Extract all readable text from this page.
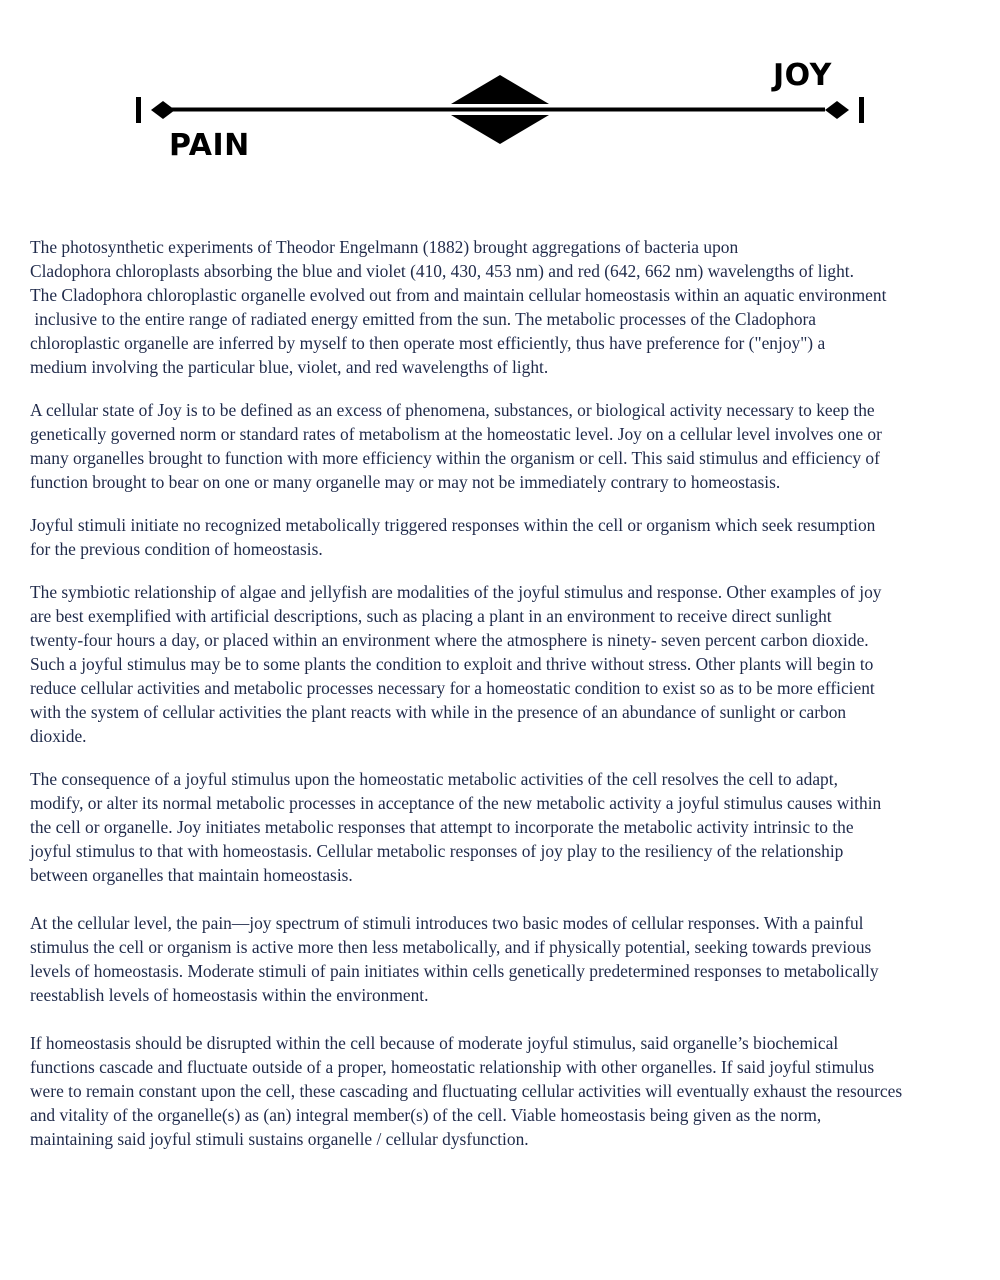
PAIN
JOY

The photosynthetic experiments of Theodor Engelmann (1882) brought aggregations of bacteria upon
Cladophora chloroplasts absorbing the blue and violet (410, 430, 453 nm) and red (642, 662 nm) wavelengths of light.
The Cladophora chloroplastic organelle evolved out from and maintain cellular homeostasis within an aquatic environment
inclusive to the entire range of radiated energy emitted from the sun. The metabolic processes of the Cladophora
chloroplastic organelle are inferred by myself to then operate most efficiently, thus have preference for ("enjoy") a
medium involving the particular blue, violet, and red wavelengths of light.

A cellular state of Joy is to be defined as an excess of phenomena, substances, or biological activity necessary to keep the
genetically governed norm or standard rates of metabolism at the homeostatic level. Joy on a cellular level involves one or
many organelles brought to function with more efficiency within the organism or cell. This said stimulus and efficiency of
function brought to bear on one or many organelle may or may not be immediately contrary to homeostasis.

Joyful stimuli initiate no recognized metabolically triggered responses within the cell or organism which seek resumption
for the previous condition of homeostasis.

The symbiotic relationship of algae and jellyfish are modalities of the joyful stimulus and response. Other examples of joy
are best exemplified with artificial descriptions, such as placing a plant in an environment to receive direct sunlight
twenty-four hours a day, or placed within an environment where the atmosphere is ninety- seven percent carbon dioxide.
Such a joyful stimulus may be to some plants the condition to exploit and thrive without stress. Other plants will begin to
reduce cellular activities and metabolic processes necessary for a homeostatic condition to exist so as to be more efficient
with the system of cellular activities the plant reacts with while in the presence of an abundance of sunlight or carbon
dioxide.

The consequence of a joyful stimulus upon the homeostatic metabolic activities of the cell resolves the cell to adapt,
modify, or alter its normal metabolic processes in acceptance of the new metabolic activity a joyful stimulus causes within
the cell or organelle. Joy initiates metabolic responses that attempt to incorporate the metabolic activity intrinsic to the
joyful stimulus to that with homeostasis. Cellular metabolic responses of joy play to the resiliency of the relationship
between organelles that maintain homeostasis.

At the cellular level, the pain—joy spectrum of stimuli introduces two basic modes of cellular responses. With a painful
stimulus the cell or organism is active more then less metabolically, and if physically potential, seeking towards previous
levels of homeostasis. Moderate stimuli of pain initiates within cells genetically predetermined responses to metabolically
reestablish levels of homeostasis within the environment.

If homeostasis should be disrupted within the cell because of moderate joyful stimulus, said organelle’s biochemical
functions cascade and fluctuate outside of a proper, homeostatic relationship with other organelles. If said joyful stimulus
were to remain constant upon the cell, these cascading and fluctuating cellular activities will eventually exhaust the resources
and vitality of the organelle(s) as (an) integral member(s) of the cell. Viable homeostasis being given as the norm,
maintaining said joyful stimuli sustains organelle / cellular dysfunction.
